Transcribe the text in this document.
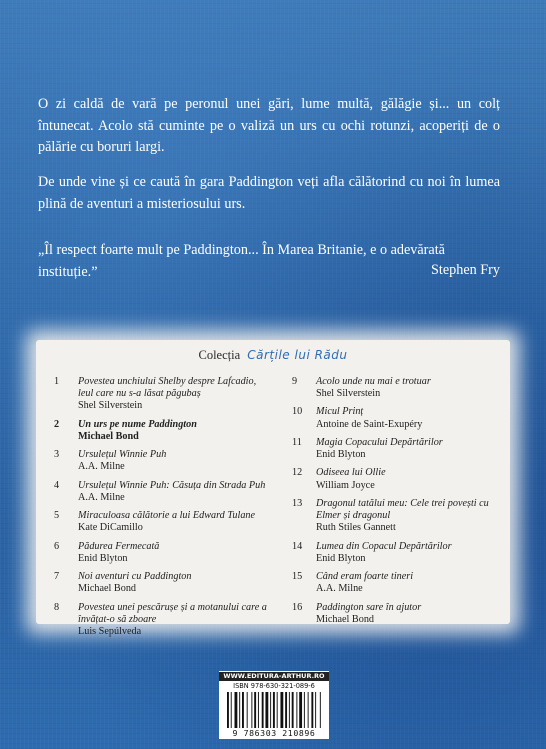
O zi caldă de vară pe peronul unei gări, lume multă, gălăgie și... un colț întunecat. Acolo stă cuminte pe o valiză un urs cu ochi rotunzi, acoperiți de o pălărie cu boruri largi.

De unde vine și ce caută în gara Paddington veți afla călătorind cu noi în lumea plină de aventuri a misteriosului urs.

„Îl respect foarte mult pe Paddington... În Marea Britanie, e o adevărată instituție.”	Stephen Fry

Colecția Cărțile lui Rădu
1	Povestea unchiului Shelby despre Lafcadio, leul care nu s-a lăsat păgubaș
Shel Silverstein
2	Un urs pe nume Paddington
Michael Bond
3	Ursulețul Winnie Puh
A.A. Milne
4	Ursulețul Winnie Puh: Căsuța din Strada Puh
A.A. Milne
5	Miraculoasa călătorie a lui Edward Tulane
Kate DiCamillo
6	Pădurea Fermecată
Enid Blyton
7	Noi aventuri cu Paddington
Michael Bond
8	Povestea unei pescărușe și a motanului care a învățat-o să zboare
Luis Sepúlveda
9	Acolo unde nu mai e trotuar
Shel Silverstein
10	Micul Prinț
Antoine de Saint-Exupéry
11	Magia Copacului Depărtărilor
Enid Blyton
12	Odiseea lui Ollie
William Joyce
13	Dragonul tatălui meu: Cele trei povești cu Elmer și dragonul
Ruth Stiles Gannett
14	Lumea din Copacul Depărtărilor
Enid Blyton
15	Când eram foarte tineri
A.A. Milne
16	Paddington sare în ajutor
Michael Bond
WWW.EDITURA-ARTHUR.RO
ISBN 978-630-321-089-6
9 786303 210896
